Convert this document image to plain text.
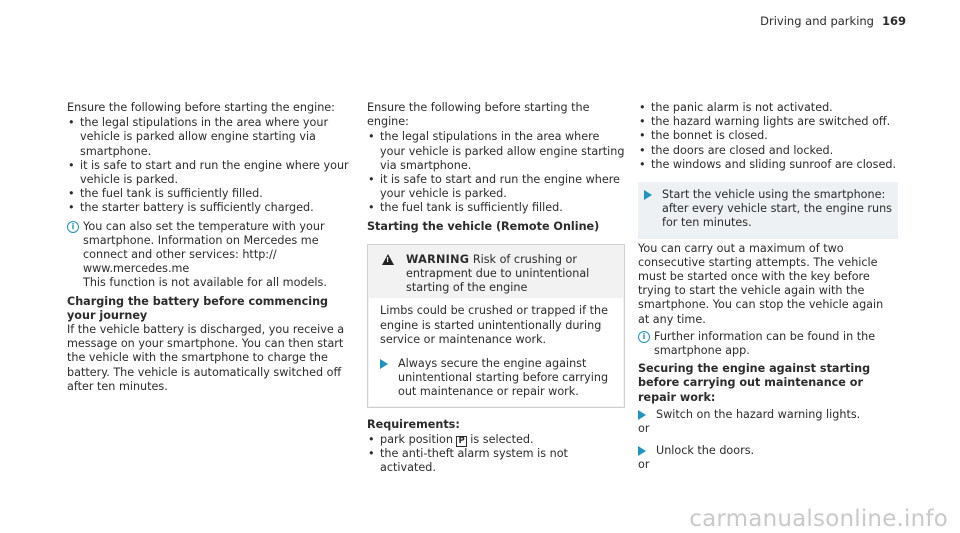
Driving and parking 169

Ensure the following before starting the engine:

• the legal stipulations in the area where your vehicle is parked allow engine starting via smartphone.
• it is safe to start and run the engine where your vehicle is parked.
• the fuel tank is sufficiently filled.
• the starter battery is sufficiently charged.
i You can also set the temperature with your smartphone. Information on Mercedes me connect and other services: http://

www.mercedes.me

This function is not available for all models.

Charging the battery before commencing your journey

If the vehicle battery is discharged, you receive a message on your smartphone. You can then start the vehicle with the smartphone to charge the battery. The vehicle is automatically switched off after ten minutes.

Ensure the following before starting the engine:

• the legal stipulations in the area where your vehicle is parked allow engine starting via smartphone.
• it is safe to start and run the engine where your vehicle is parked.
• the fuel tank is sufficiently filled.

Starting the vehicle (Remote Online)

! WARNING Risk of crushing or entrapment due to unintentional starting of the engine

Limbs could be crushed or trapped if the engine is started unintentionally during service or maintenance work.

Always secure the engine against unintentional starting before carrying out maintenance or repair work.

Requirements:

• park position P is selected.
• the anti-theft alarm system is not activated.
• the panic alarm is not activated.
• the hazard warning lights are switched off.
• the bonnet is closed.
• the doors are closed and locked.
• the windows and sliding sunroof are closed.
Start the vehicle using the smartphone: after every vehicle start, the engine runs for ten minutes.

You can carry out a maximum of two consecutive starting attempts. The vehicle must be started once with the key before trying to start the vehicle again with the smartphone. You can stop the vehicle again at any time.

i Further information can be found in the smartphone app.

Securing the engine against starting before carrying out maintenance or repair work:

Switch on the hazard warning lights.

or

Unlock the doors.

or

carmanualsonline.info
